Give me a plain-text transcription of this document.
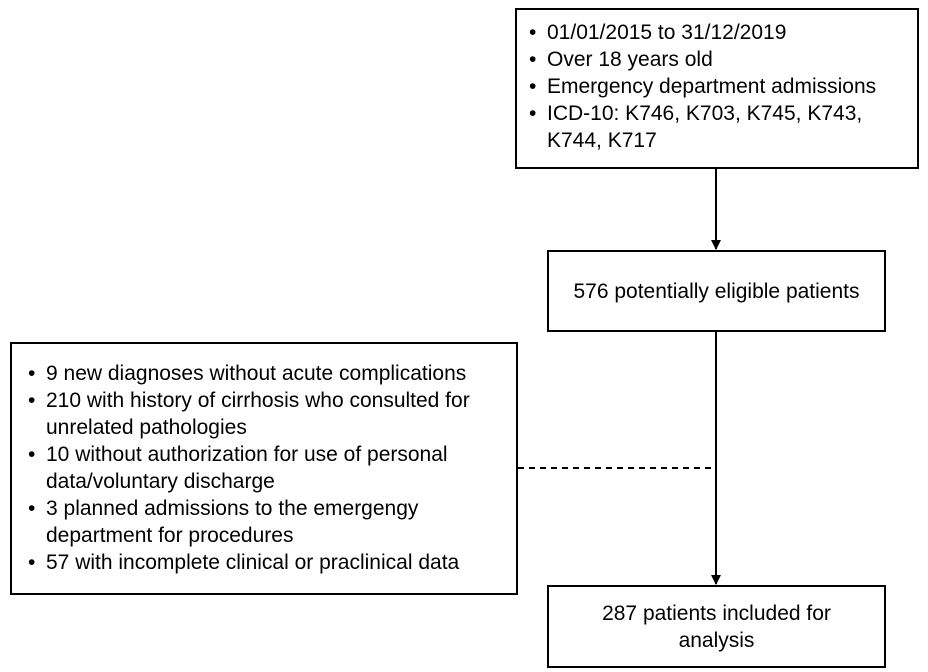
• 01/01/2015 to 31/12/2019
• Over 18 years old
• Emergency department admissions
• ICD-10: K746, K703, K745, K743, K744, K717
576 potentially eligible patients
• 9 new diagnoses without acute complications
• 210 with history of cirrhosis who consulted for unrelated pathologies
• 10 without authorization for use of personal data/voluntary discharge
• 3 planned admissions to the emergengy department for procedures
• 57 with incomplete clinical or praclinical data
287 patients included for analysis
